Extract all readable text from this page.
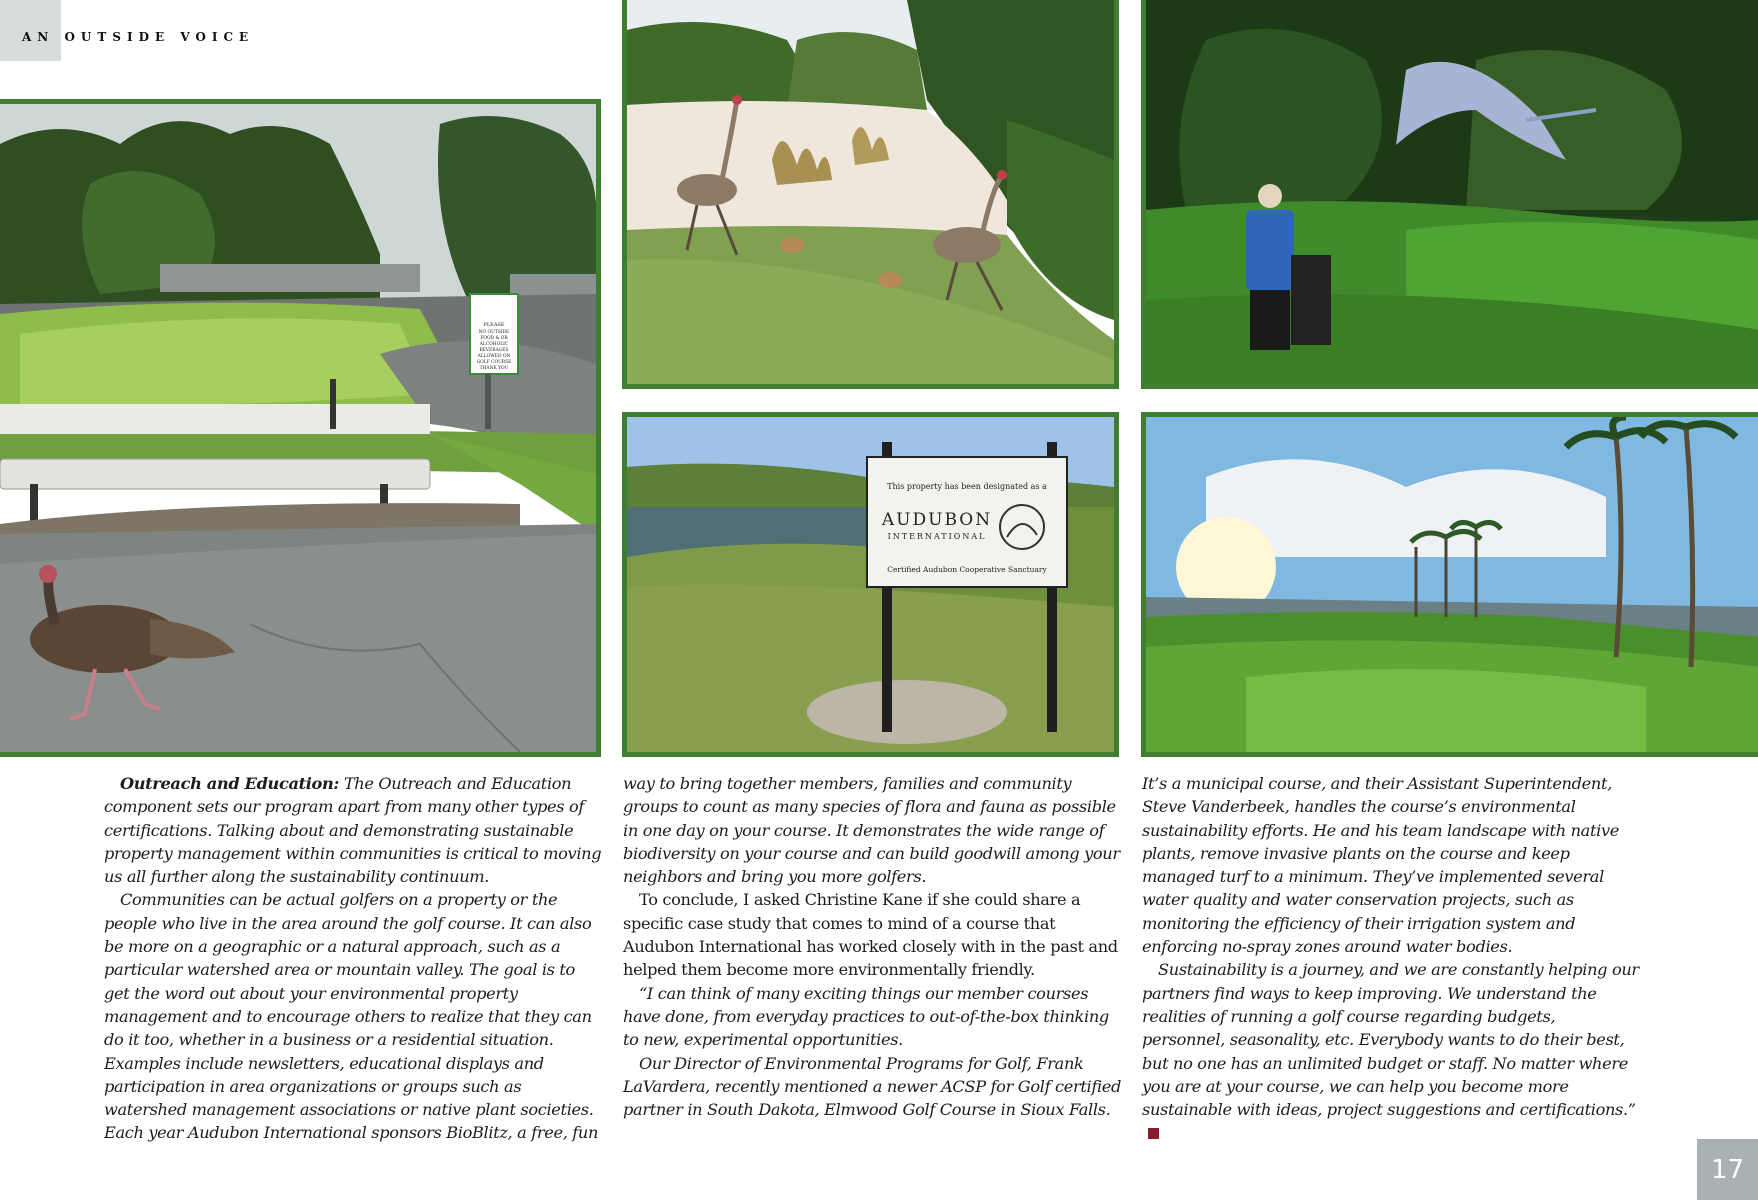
AN OUTSIDE VOICE
PLEASE
NO OUTSIDE
FOOD & OR
ALCOHOLIC
BEVERAGES
ALLOWED ON
GOLF COURSE
THANK YOU
This property has been designated as a
AUDUBON
INTERNATIONAL
Certified Audubon Cooperative Sanctuary

Outreach and Education: The Outreach and Education component sets our program apart from many other types of certifications. Talking about and demonstrating sustainable property management within communities is critical to moving us all further along the sustainability continuum.

Communities can be actual golfers on a property or the people who live in the area around the golf course. It can also be more on a geographic or a natural approach, such as a particular watershed area or mountain valley. The goal is to get the word out about your environmental property management and to encourage others to realize that they can do it too, whether in a business or a residential situation. Examples include newsletters, educational displays and participation in area organizations or groups such as watershed management associations or native plant societies. Each year Audubon International sponsors BioBlitz, a free, fun

way to bring together members, families and community groups to count as many species of flora and fauna as possible in one day on your course. It demonstrates the wide range of biodiversity on your course and can build goodwill among your neighbors and bring you more golfers.

To conclude, I asked Christine Kane if she could share a specific case study that comes to mind of a course that Audubon International has worked closely with in the past and helped them become more environmentally friendly.

“I can think of many exciting things our member courses have done, from everyday practices to out-of-the-box thinking to new, experimental opportunities.

Our Director of Environmental Programs for Golf, Frank LaVardera, recently mentioned a newer ACSP for Golf certified partner in South Dakota, Elmwood Golf Course in Sioux Falls.

It’s a municipal course, and their Assistant Superintendent, Steve Vanderbeek, handles the course’s environmental sustainability efforts. He and his team landscape with native plants, remove invasive plants on the course and keep managed turf to a minimum. They’ve implemented several water quality and water conservation projects, such as monitoring the efficiency of their irrigation system and enforcing no-spray zones around water bodies.

Sustainability is a journey, and we are constantly helping our partners find ways to keep improving. We understand the realities of running a golf course regarding budgets, personnel, seasonality, etc. Everybody wants to do their best, but no one has an unlimited budget or staff. No matter where you are at your course, we can help you become more sustainable with ideas, project suggestions and certifications.”

17
